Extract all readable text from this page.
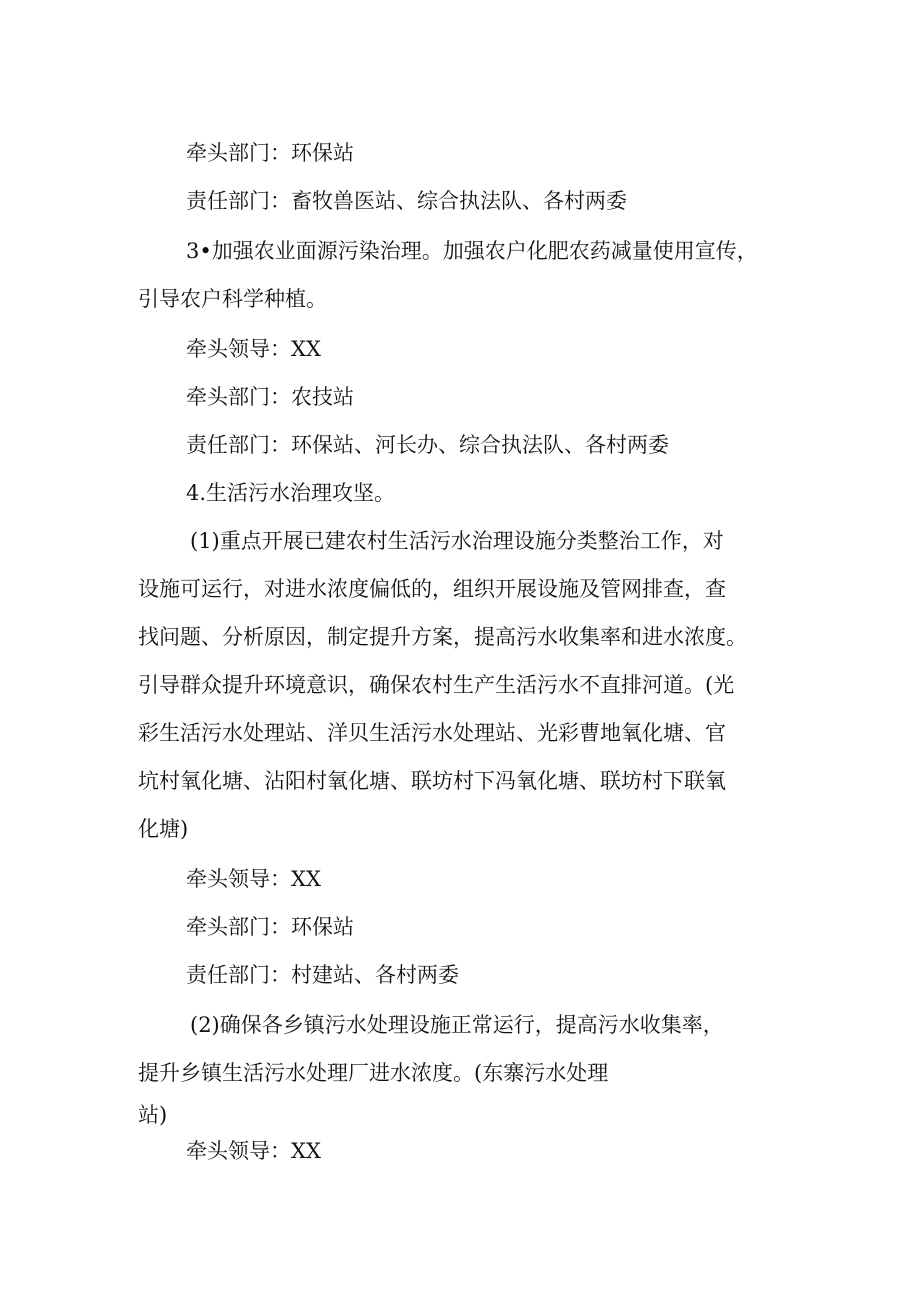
牵头部门：环保站

责任部门：畜牧兽医站、综合执法队、各村两委

3•加强农业面源污染治理。加强农户化肥农药减量使用宣传，
引导农户科学种植。

牵头领导：XX

牵头部门：农技站

责任部门：环保站、河长办、综合执法队、各村两委

4.生活污水治理攻坚。

(1)重点开展已建农村生活污水治理设施分类整治工作，对
设施可运行，对进水浓度偏低的，组织开展设施及管网排查，查
找问题、分析原因，制定提升方案，提高污水收集率和进水浓度。
引导群众提升环境意识，确保农村生产生活污水不直排河道。(光
彩生活污水处理站、洋贝生活污水处理站、光彩曹地氧化塘、官
坑村氧化塘、沾阳村氧化塘、联坊村下冯氧化塘、联坊村下联氧
化塘)

牵头领导：XX

牵头部门：环保站

责任部门：村建站、各村两委

(2)确保各乡镇污水处理设施正常运行，提高污水收集率，
提升乡镇生活污水处理厂进水浓度。(东寨污水处理
站)

牵头领导：XX
